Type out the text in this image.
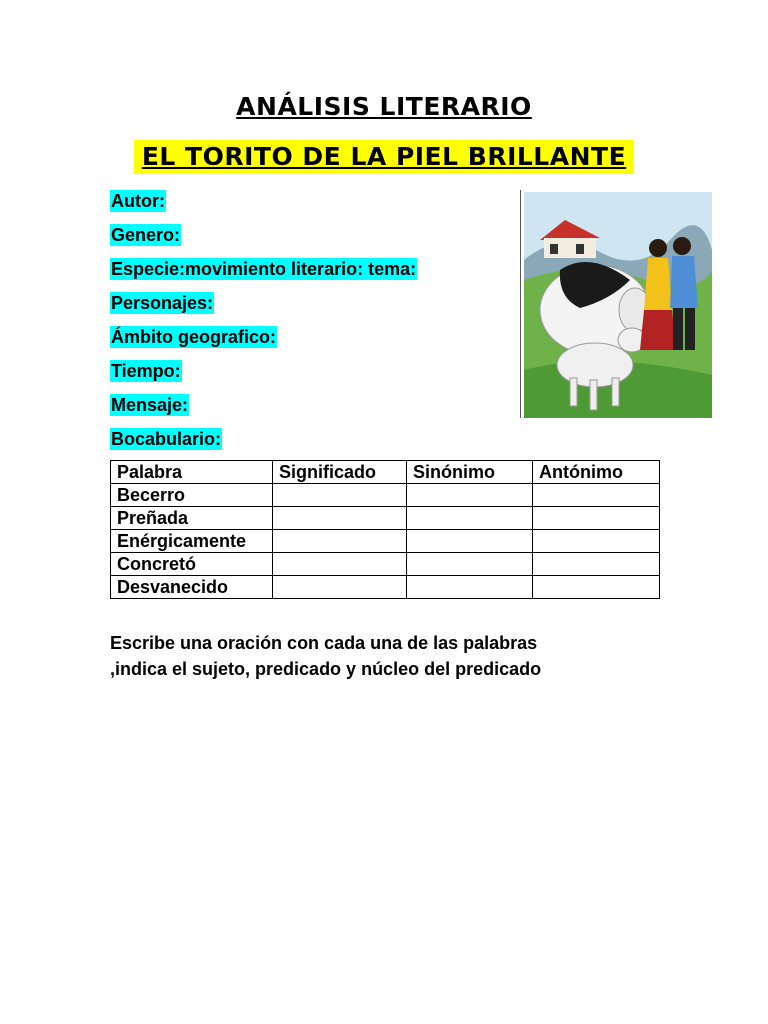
ANÁLISIS LITERARIO
EL TORITO DE LA PIEL BRILLANTE
Autor:
Genero:
Especie:movimiento literario: tema:
Personajes:
Ámbito geografico:
Tiempo:
Mensaje:
Bocabulario:
Palabra	Significado	Sinónimo	Antónimo
Becerro			
Preñada			
Enérgicamente			
Concretó			
Desvanecido			
Escribe una oración con cada una de las palabras
,indica el sujeto, predicado y núcleo del predicado
